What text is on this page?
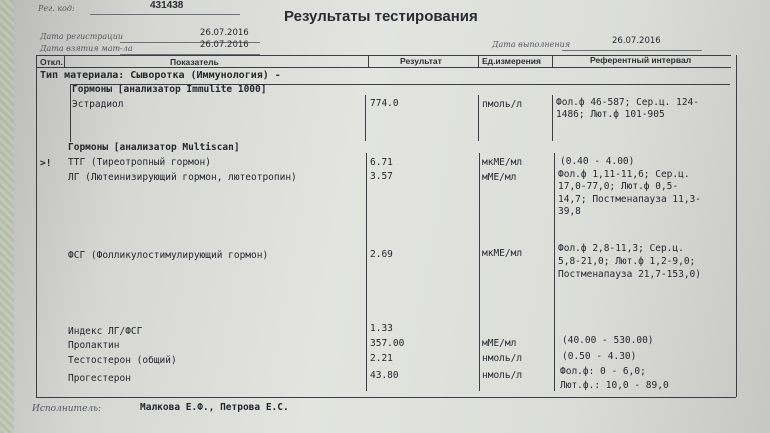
Рег. код:	431438
Результаты тестирования
Дата регистрации	26.07.2016
Дата взятия мат-ла	26.07.2016	Дата выполнения	26.07.2016
Откл.	Показатель	Результат	Ед.измерения	Референтный интервал
Тип материала: Сыворотка (Иммунология) -
Гормоны [анализатор Immulite 1000]
Эстрадиол	774.0	пмоль/л	Фол.ф 46-587; Сер.ц. 124-
1486; Лют.ф 101-905
Гормоны [анализатор Multiscan]
>! ТТГ (Тиреотропный гормон)	6.71	мкМЕ/мл	(0.40 - 4.00)
ЛГ (Лютеинизирующий гормон, лютеотропин)	3.57	мМЕ/мл	Фол.ф 1,11-11,6; Сер.ц.
17,0-77,0; Лют.ф 0,5-
14,7; Постменапауза 11,3-
39,8
ФСГ (Фолликулостимулирующий гормон)	2.69	мкМЕ/мл	Фол.ф 2,8-11,3; Сер.ц.
5,8-21,0; Лют.ф 1,2-9,0;
Постменапауза 21,7-153,0)
Индекс ЛГ/ФСГ	1.33
Пролактин	357.00	мМЕ/мл	(40.00 - 530.00)
Тестостерон (общий)	2.21	нмоль/л	(0.50 - 4.30)
Прогестерон	43.80	нмоль/л	Фол.ф: 0 - 6,0;
Лют.ф.: 10,0 - 89,0
Исполнитель:	Малкова Е.Ф., Петрова Е.С.
